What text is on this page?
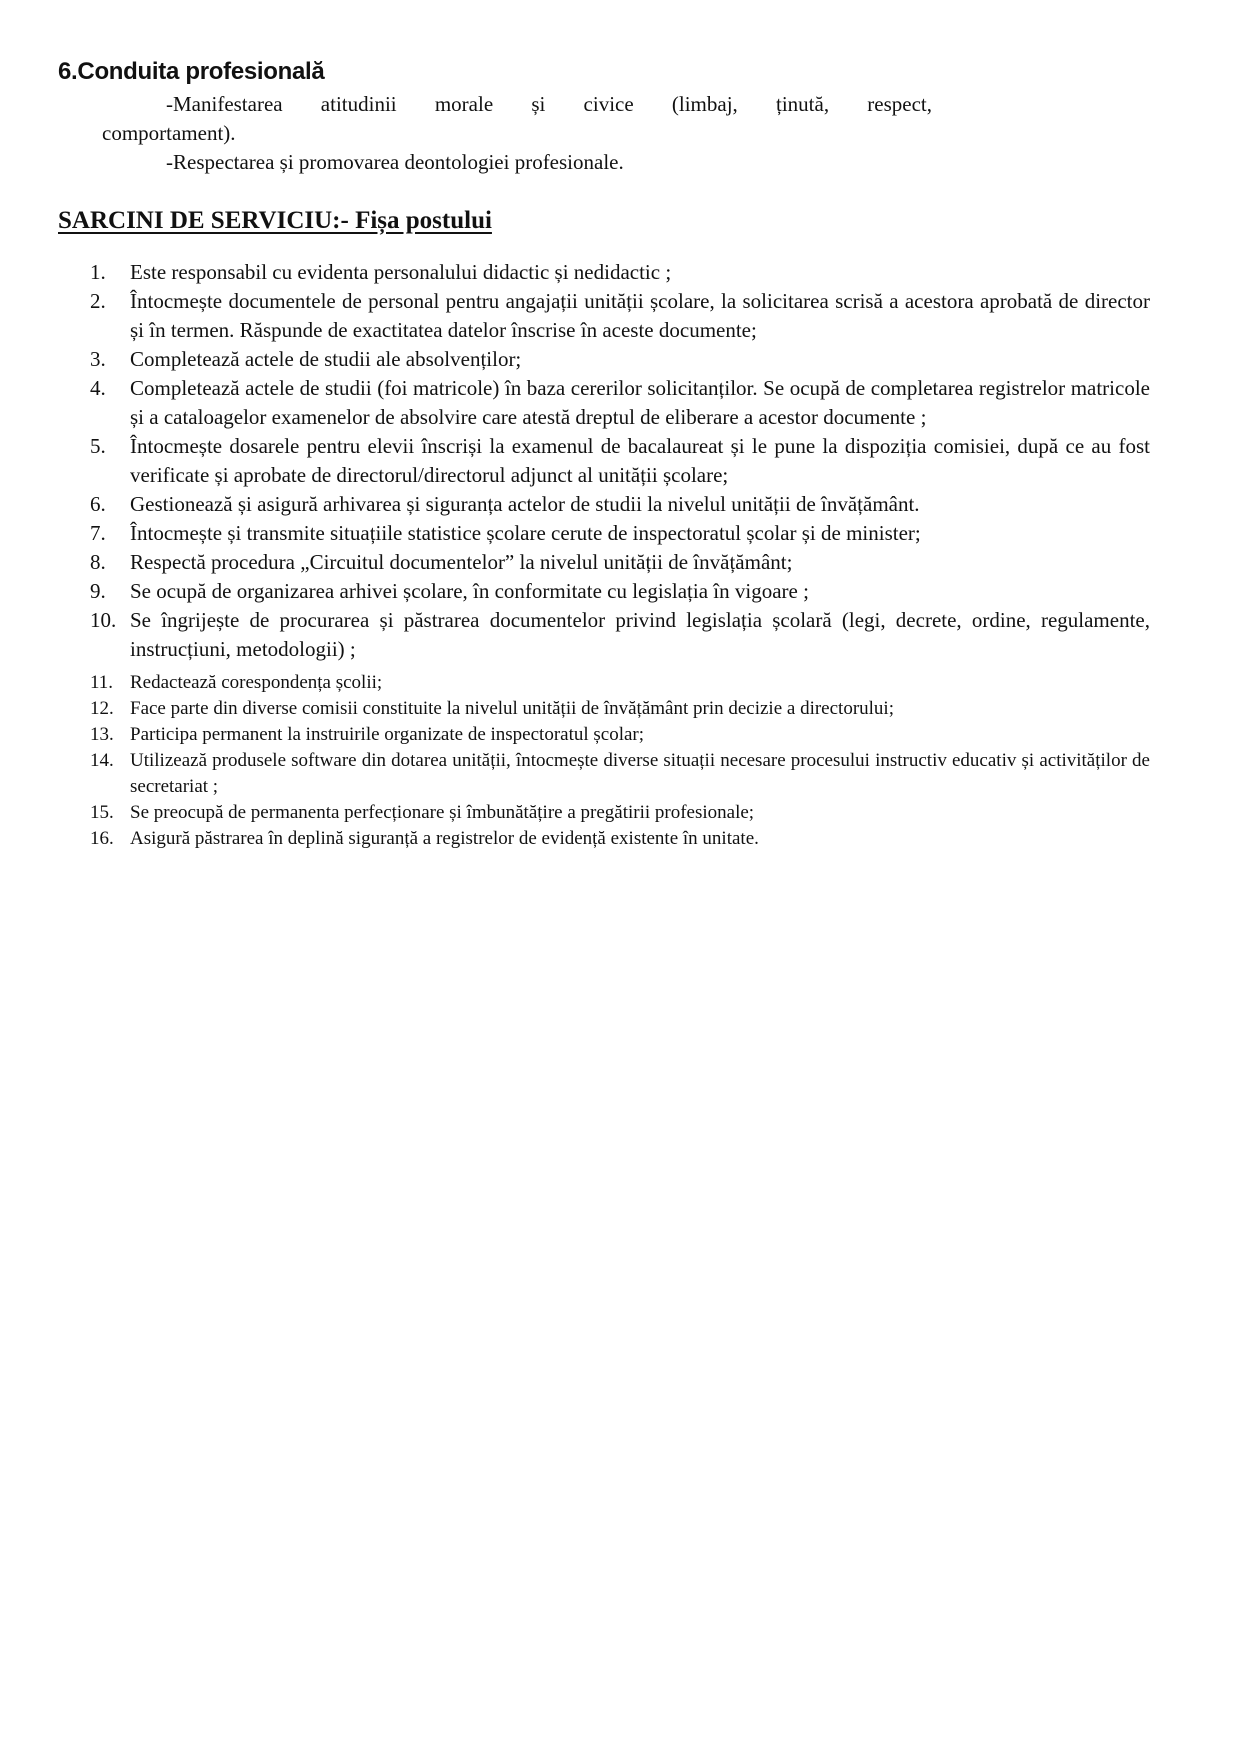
6.Conduita profesională

-Manifestarea atitudinii morale și civice (limbaj, ținută, respect,

comportament).

-Respectarea și promovarea deontologiei profesionale.

SARCINI DE SERVICIU:- Fișa postului
1.	Este responsabil cu evidenta personalului didactic și nedidactic ;
2.	Întocmește documentele de personal pentru angajații unității școlare, la solicitarea scrisă a acestora aprobată de director și în termen. Răspunde de exactitatea datelor înscrise în aceste documente;
3.	Completează actele de studii ale absolvenților;
4.	Completează actele de studii (foi matricole) în baza cererilor solicitanților. Se ocupă de completarea registrelor matricole și a cataloagelor examenelor de absolvire care atestă dreptul de eliberare a acestor documente ;
5.	Întocmește dosarele pentru elevii înscriși la examenul de bacalaureat și le pune la dispoziția comisiei, după ce au fost verificate și aprobate de directorul/directorul adjunct al unității școlare;
6.	Gestionează și asigură arhivarea și siguranța actelor de studii la nivelul unității de învățământ.
7.	Întocmește și transmite situațiile statistice școlare cerute de inspectoratul școlar și de minister;
8.	Respectă procedura „Circuitul documentelor” la nivelul unității de învățământ;
9.	Se ocupă de organizarea arhivei școlare, în conformitate cu legislația în vigoare ;
10. Se îngrijește de procurarea și păstrarea documentelor privind legislația școlară (legi, decrete, ordine, regulamente, instrucțiuni, metodologii) ;
11. Redactează corespondența școlii;
12. Face parte din diverse comisii constituite la nivelul unității de învățământ prin decizie a directorului;
13. Participa permanent la instruirile organizate de inspectoratul școlar;
14. Utilizează produsele software din dotarea unității, întocmește diverse situații necesare procesului instructiv educativ și activităților de secretariat ;
15. Se preocupă de permanenta perfecționare și îmbunătățire a pregătirii profesionale;
16. Asigură păstrarea în deplină siguranță a registrelor de evidență existente în unitate.
